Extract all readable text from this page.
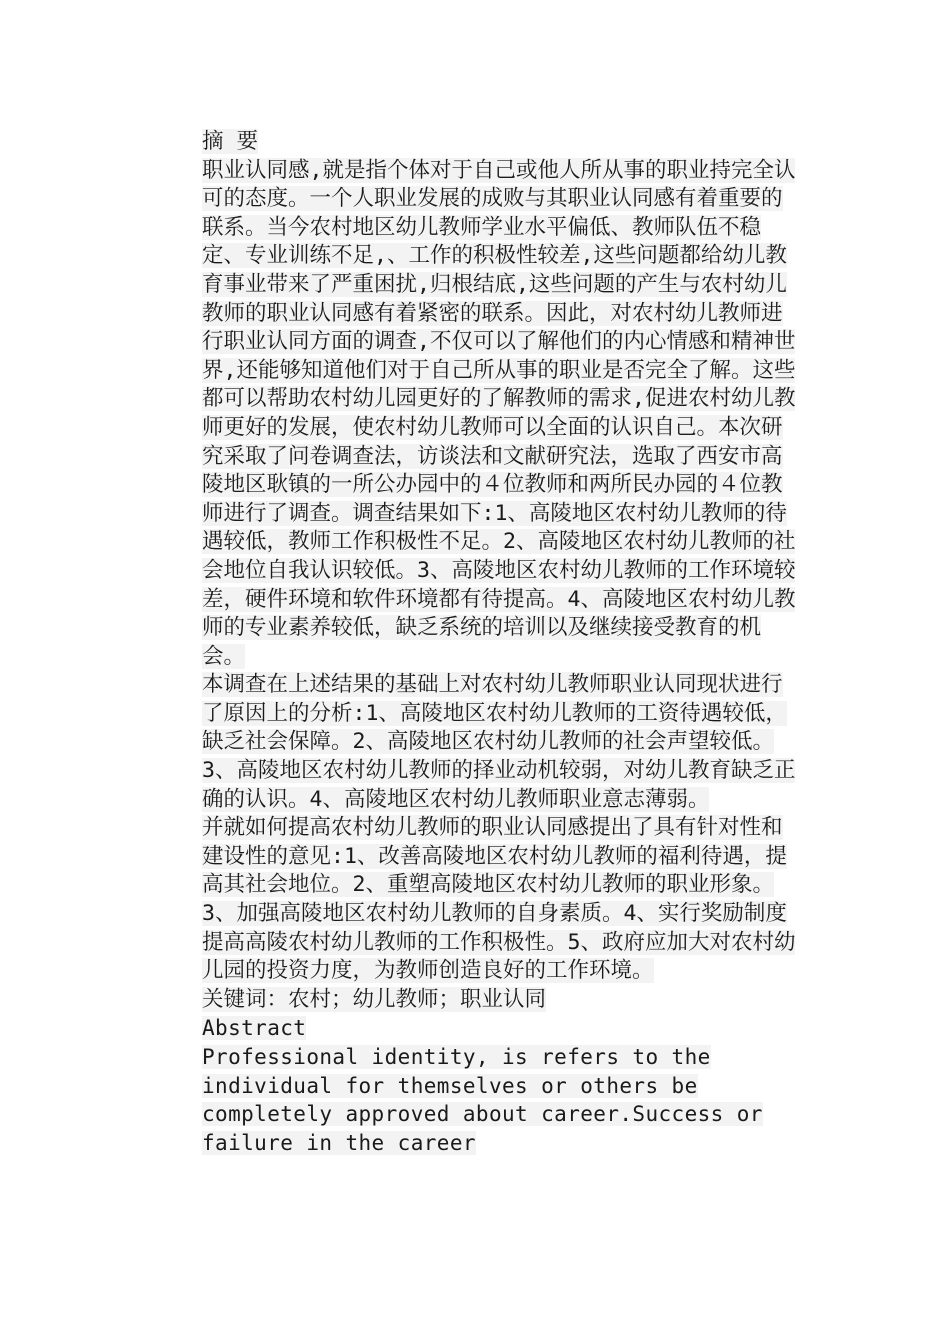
摘 要

职业认同感,就是指个体对于自己或他人所从事的职业持完全认可的态度。一个人职业发展的成败与其职业认同感有着重要的联系。当今农村地区幼儿教师学业水平偏低、教师队伍不稳定、专业训练不足,、工作的积极性较差,这些问题都给幼儿教育事业带来了严重困扰,归根结底,这些问题的产生与农村幼儿教师的职业认同感有着紧密的联系。因此，对农村幼儿教师进行职业认同方面的调查,不仅可以了解他们的内心情感和精神世界,还能够知道他们对于自己所从事的职业是否完全了解。这些都可以帮助农村幼儿园更好的了解教师的需求,促进农村幼儿教师更好的发展，使农村幼儿教师可以全面的认识自己。本次研究采取了问卷调查法，访谈法和文献研究法，选取了西安市高陵地区耿镇的一所公办园中的４位教师和两所民办园的４位教师进行了调查。调查结果如下:1、高陵地区农村幼儿教师的待遇较低，教师工作积极性不足。2、高陵地区农村幼儿教师的社会地位自我认识较低。3、高陵地区农村幼儿教师的工作环境较差，硬件环境和软件环境都有待提高。4、高陵地区农村幼儿教师的专业素养较低，缺乏系统的培训以及继续接受教育的机会。

本调查在上述结果的基础上对农村幼儿教师职业认同现状进行了原因上的分析:1、高陵地区农村幼儿教师的工资待遇较低，缺乏社会保障。2、高陵地区农村幼儿教师的社会声望较低。3、高陵地区农村幼儿教师的择业动机较弱，对幼儿教育缺乏正确的认识。4、高陵地区农村幼儿教师职业意志薄弱。

并就如何提高农村幼儿教师的职业认同感提出了具有针对性和建设性的意见:1、改善高陵地区农村幼儿教师的福利待遇，提高其社会地位。2、重塑高陵地区农村幼儿教师的职业形象。3、加强高陵地区农村幼儿教师的自身素质。4、实行奖励制度 提高高陵农村幼儿教师的工作积极性。5、政府应加大对农村幼儿园的投资力度，为教师创造良好的工作环境。

关键词：农村；幼儿教师；职业认同

Abstract

Professional identity, is refers to the individual for themselves or others be completely approved about career.Success or failure in the career
